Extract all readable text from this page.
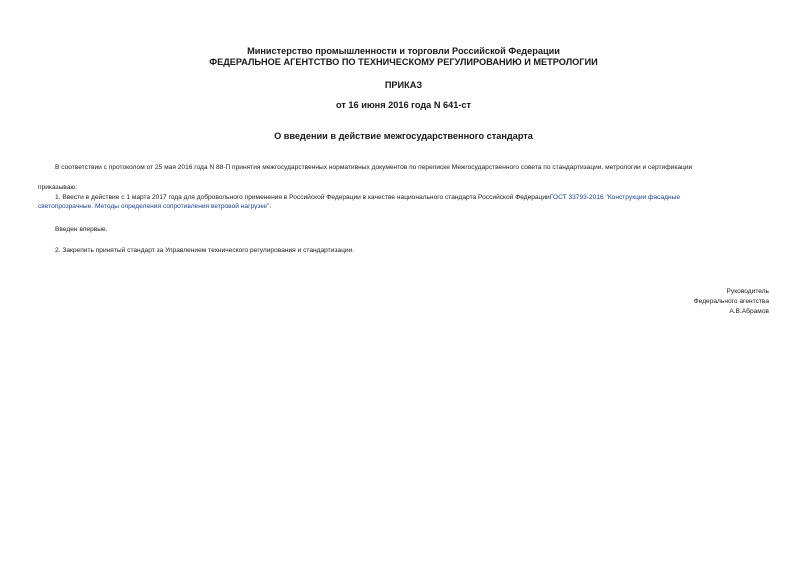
Министерство промышленности и торговли Российской Федерации
ФЕДЕРАЛЬНОЕ АГЕНТСТВО ПО ТЕХНИЧЕСКОМУ РЕГУЛИРОВАНИЮ И МЕТРОЛОГИИ
ПРИКАЗ
от 16 июня 2016 года N 641-ст
О введении в действие межгосударственного стандарта
В соответствии с протоколом от 25 мая 2016 года N 88-П принятия межгосударственных нормативных документов по переписке Межгосударственного совета по стандартизации, метрологии и сертификации
приказываю:
1. Ввести в действие с 1 марта 2017 года для добровольного применения в Российской Федерации в качестве национального стандарта Российской ФедерацииГОСТ 33793-2016 "Конструкции фасадные
светопрозрачные. Методы определения сопротивления ветровой нагрузке".
Введен впервые.
2. Закрепить принятый стандарт за Управлением технического регулирования и стандартизации.
Руководитель
Федерального агентства
А.В.Абрамов
